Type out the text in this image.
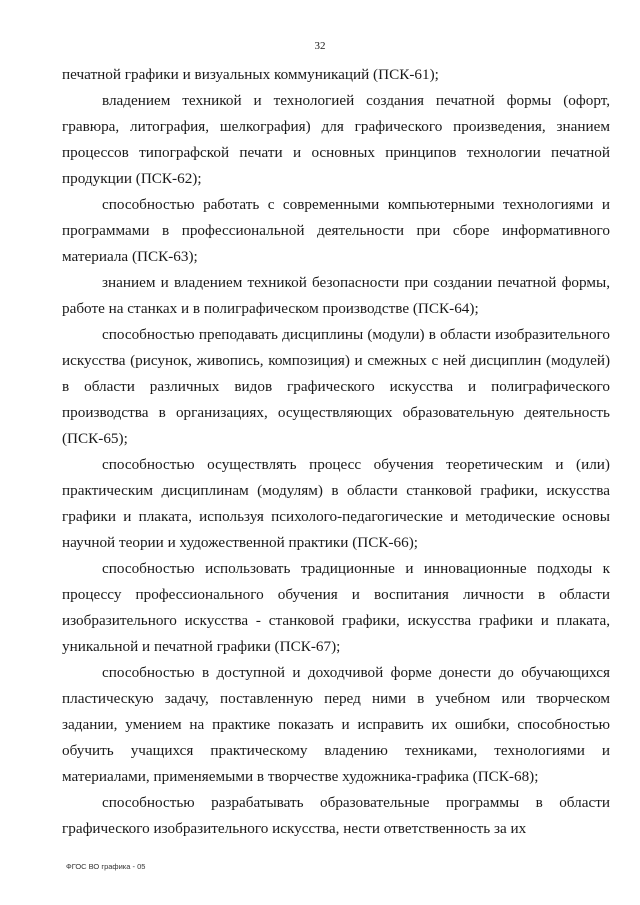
32

печатной графики и визуальных коммуникаций (ПСК-61);

владением техникой и технологией создания печатной формы (офорт, гравюра, литография, шелкография) для графического произведения, знанием процессов типографской печати и основных принципов технологии печатной продукции (ПСК-62);

способностью работать с современными компьютерными технологиями и программами в профессиональной деятельности при сборе информативного материала (ПСК-63);

знанием и владением техникой безопасности при создании печатной формы, работе на станках и в полиграфическом производстве (ПСК-64);

способностью преподавать дисциплины (модули) в области изобразительного искусства (рисунок, живопись, композиция) и смежных с ней дисциплин (модулей) в области различных видов графического искусства и полиграфического производства в организациях, осуществляющих образовательную деятельность (ПСК-65);

способностью осуществлять процесс обучения теоретическим и (или) практическим дисциплинам (модулям) в области станковой графики, искусства графики и плаката, используя психолого-педагогические и методические основы научной теории и художественной практики (ПСК-66);

способностью использовать традиционные и инновационные подходы к процессу профессионального обучения и воспитания личности в области изобразительного искусства - станковой графики, искусства графики и плаката, уникальной и печатной графики (ПСК-67);

способностью в доступной и доходчивой форме донести до обучающихся пластическую задачу, поставленную перед ними в учебном или творческом задании, умением на практике показать и исправить их ошибки, способностью обучить учащихся практическому владению техниками, технологиями и материалами, применяемыми в творчестве художника-графика (ПСК-68);

способностью разрабатывать образовательные программы в области графического изобразительного искусства, нести ответственность за их

ФГОС ВО графика - 05
